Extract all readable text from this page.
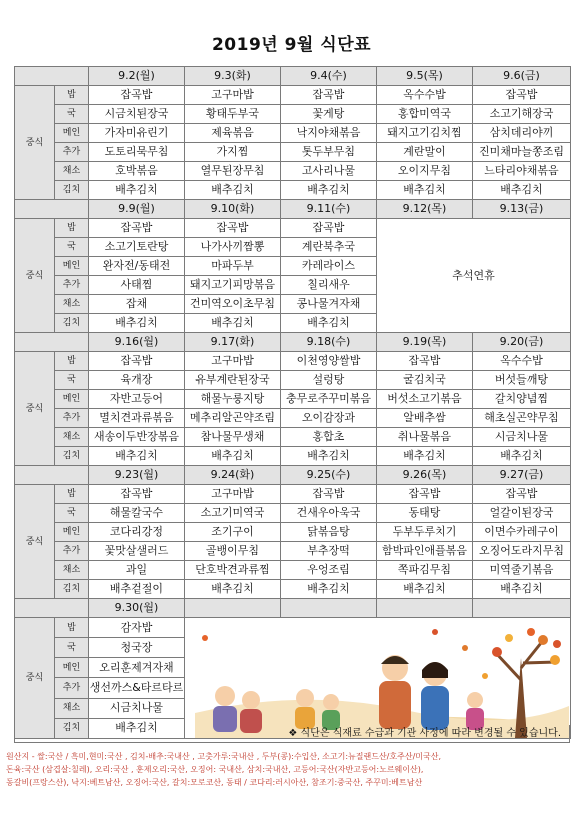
2019년 9월 식단표
		9.2(월)	9.3(화)	9.4(수)	9.5(목)	9.6(금)
중식	밥	잡곡밥	고구마밥	잡곡밥	옥수수밥	잡곡밥
	국	시금치된장국	황태두부국	꽃게탕	홍합미역국	소고기해장국
	메인	가자미유린기	제육볶음	낙지야채볶음	돼지고기김치찜	삼치데리야끼
	추가	도토리묵무침	가지찜	톳두부무침	계란말이	진미채마늘쫑조림
	채소	호박볶음	열무된장무침	고사리나물	오이지무침	느타리야채볶음
	김치	배추김치	배추김치	배추김치	배추김치	배추김치
		9.9(월)	9.10(화)	9.11(수)	9.12(목)	9.13(금)
중식	밥	잡곡밥	잡곡밥	잡곡밥	추석연휴	
	국	소고기토란탕	나가사끼짬뽕	계란북추국		
	메인	완자전/동태전	마파두부	카레라이스		
	추가	사태찜	돼지고기피망볶음	칠리새우		
	채소	잡채	건미역오이초무침	콩나물겨자채		
	김치	배추김치	배추김치	배추김치		
		9.16(월)	9.17(화)	9.18(수)	9.19(목)	9.20(금)
중식	밥	잡곡밥	고구마밥	이천영양쌀밥	잡곡밥	옥수수밥
	국	육개장	유부계란된장국	설렁탕	굴김치국	버섯들깨탕
	메인	자반고등어	해물누룽지탕	충무로주꾸미볶음	버섯소고기볶음	갈치양념찜
	추가	멸치견과류볶음	메추리알곤약조림	오이감장과	알배추쌈	해초실곤약무침
	채소	새송이두반장볶음	참나물무생채	홍합초	취나물볶음	시금치나물
	김치	배추김치	배추김치	배추김치	배추김치	배추김치
		9.23(월)	9.24(화)	9.25(수)	9.26(목)	9.27(금)
중식	밥	잡곡밥	고구마밥	잡곡밥	잡곡밥	잡곡밥
	국	해물칼국수	소고기미역국	건새우아욱국	동태탕	얼갈이된장국
	메인	코다리강정	조기구이	닭볶음탕	두부두루치기	이면수카레구이
	추가	꽃맛살샐러드	골뱅이무침	부추장떡	함박파인애플볶음	오징어도라지무침
	채소	과일	단호박견과류찜	우엉조림	쪽파김무침	미역줄기볶음
	김치	배추겉절이	배추김치	배추김치	배추김치	배추김치
		9.30(월)				
중식	밥	감자밥	

	국	청국장				
	메인	오리훈제겨자채				
	추가	생선까스&타르타르				
	채소	시금치나물				
	김치	배추김치					❖ 식단은 식재료 수급과 기관 사정에 따라 변경될 수 있습니다.
원산지 - 쌀:국산 / 흑미,현미:국산 , 김치-배추:국내산 , 고춧가루:국내산 , 두부(콩):수입산, 소고기:뉴질랜드산/호주산/미국산,
돈육:국산 (삼겹살:칠레), 오리:국산 , 훈제오리:국산, 오징어: 국내산, 삼치:국내산, 고등어:국산(자반고등어:노르웨이산),
동갈비(프랑스산), 낙지:베트남산, 오징어:국산, 갈치:모로코산, 동태 / 코다리:러시아산, 참조기:중국산, 주꾸미:베트남산
